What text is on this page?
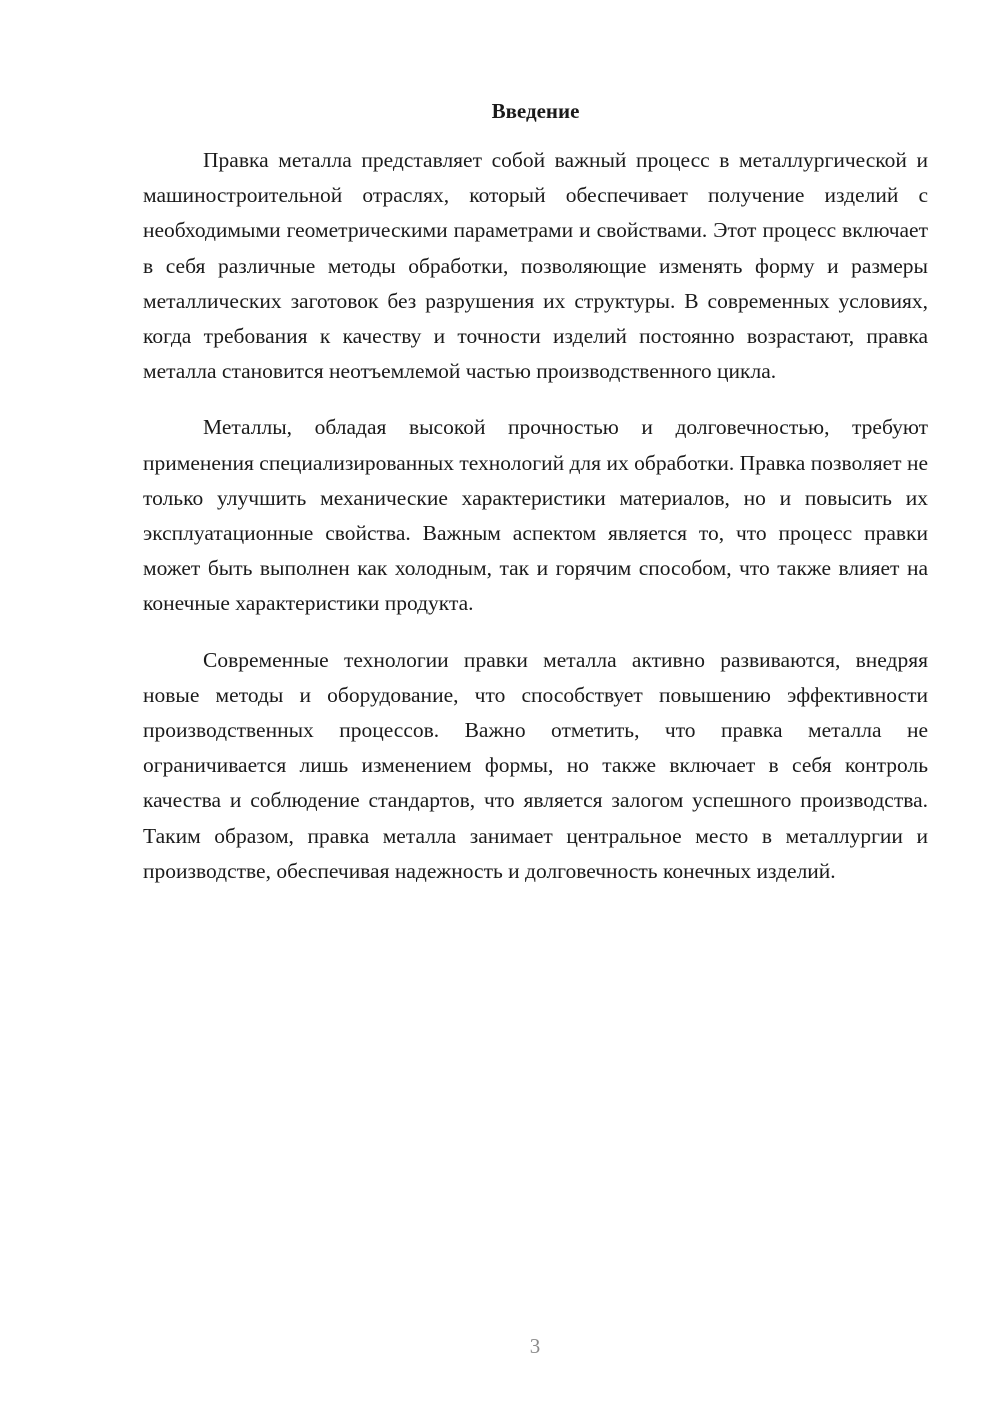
Введение

Правка металла представляет собой важный процесс в металлургической и машиностроительной отраслях, который обеспечивает получение изделий с необходимыми геометрическими параметрами и свойствами. Этот процесс включает в себя различные методы обработки, позволяющие изменять форму и размеры металлических заготовок без разрушения их структуры. В современных условиях, когда требования к качеству и точности изделий постоянно возрастают, правка металла становится неотъемлемой частью производственного цикла.

Металлы, обладая высокой прочностью и долговечностью, требуют применения специализированных технологий для их обработки. Правка позволяет не только улучшить механические характеристики материалов, но и повысить их эксплуатационные свойства. Важным аспектом является то, что процесс правки может быть выполнен как холодным, так и горячим способом, что также влияет на конечные характеристики продукта.

Современные технологии правки металла активно развиваются, внедряя новые методы и оборудование, что способствует повышению эффективности производственных процессов. Важно отметить, что правка металла не ограничивается лишь изменением формы, но также включает в себя контроль качества и соблюдение стандартов, что является залогом успешного производства. Таким образом, правка металла занимает центральное место в металлургии и производстве, обеспечивая надежность и долговечность конечных изделий.

3
